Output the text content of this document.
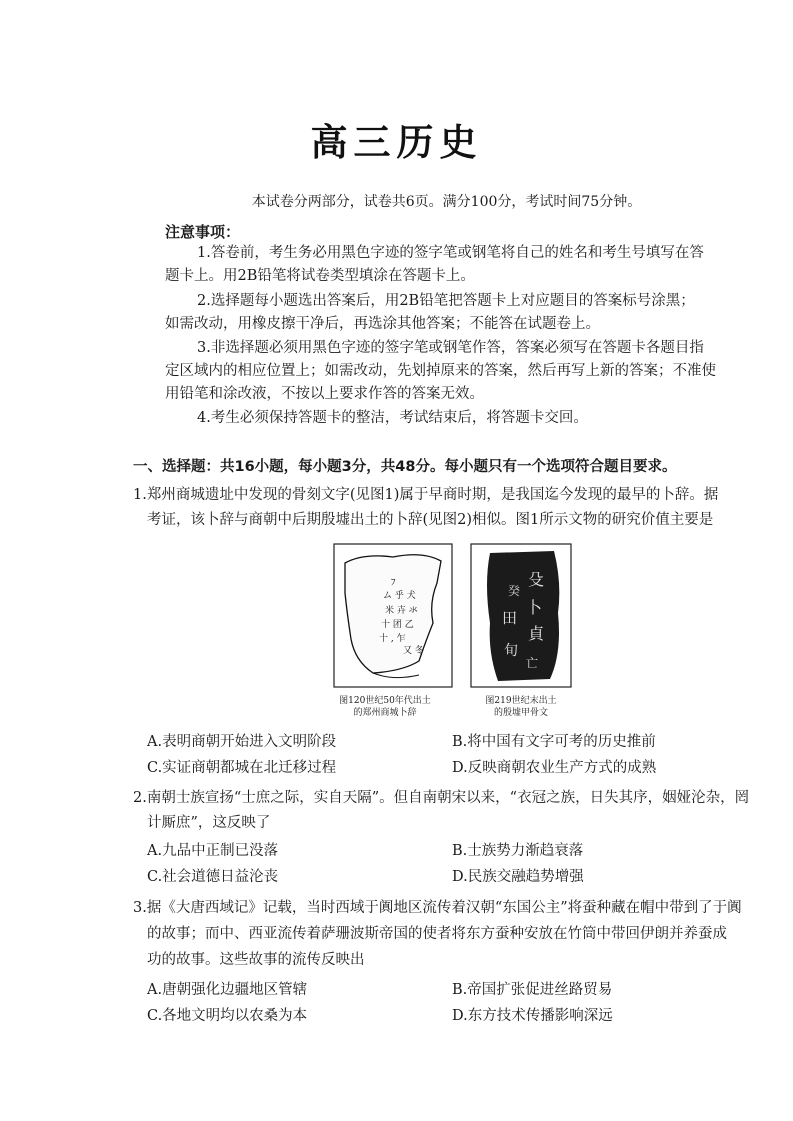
高三历史
本试卷分两部分，试卷共6页。满分100分，考试时间75分钟。
注意事项：
1.答卷前，考生务必用黑色字迹的签字笔或钢笔将自己的姓名和考生号填写在答
题卡上。用2B铅笔将试卷类型填涂在答题卡上。
2.选择题每小题选出答案后，用2B铅笔把答题卡上对应题目的答案标号涂黑；
如需改动，用橡皮擦干净后，再选涂其他答案；不能答在试题卷上。
3.非选择题必须用黑色字迹的签字笔或钢笔作答，答案必须写在答题卡各题目指
定区域内的相应位置上；如需改动，先划掉原来的答案，然后再写上新的答案；不准使
用铅笔和涂改液，不按以上要求作答的答案无效。
4.考生必须保持答题卡的整洁，考试结束后，将答题卡交回。
一、选择题：共16小题，每小题3分，共48分。每小题只有一个选项符合题目要求。
1.郑州商城遗址中发现的骨刻文字(见图1)属于早商时期，是我国迄今发现的最早的卜辞。据
考证，该卜辞与商朝中后期殷墟出土的卜辞(见图2)相似。图1所示文物的研究价值主要是
ﾌ
ム 乎 犬
米 卉 氺
十 团 乙
十 , 乍
又 冬
图120世纪50年代出土
的郑州商城卜辞
殳
癸
卜
田
貞
旬
亡
图219世纪末出土
的殷墟甲骨文
A.表明商朝开始进入文明阶段	B.将中国有文字可考的历史推前
C.实证商朝都城在北迁移过程	D.反映商朝农业生产方式的成熟
2.南朝士族宣扬“士庶之际，实自天隔”。但自南朝宋以来，“衣冠之族，日失其序，姻娅沦杂，罔
计厮庶”，这反映了
A.九品中正制已没落	B.士族势力渐趋衰落
C.社会道德日益沦丧	D.民族交融趋势增强
3.据《大唐西域记》记载，当时西域于阗地区流传着汉朝“东国公主”将蚕种藏在帽中带到了于阗
的故事；而中、西亚流传着萨珊波斯帝国的使者将东方蚕种安放在竹筒中带回伊朗并养蚕成
功的故事。这些故事的流传反映出
A.唐朝强化边疆地区管辖	B.帝国扩张促进丝路贸易
C.各地文明均以农桑为本	D.东方技术传播影响深远
